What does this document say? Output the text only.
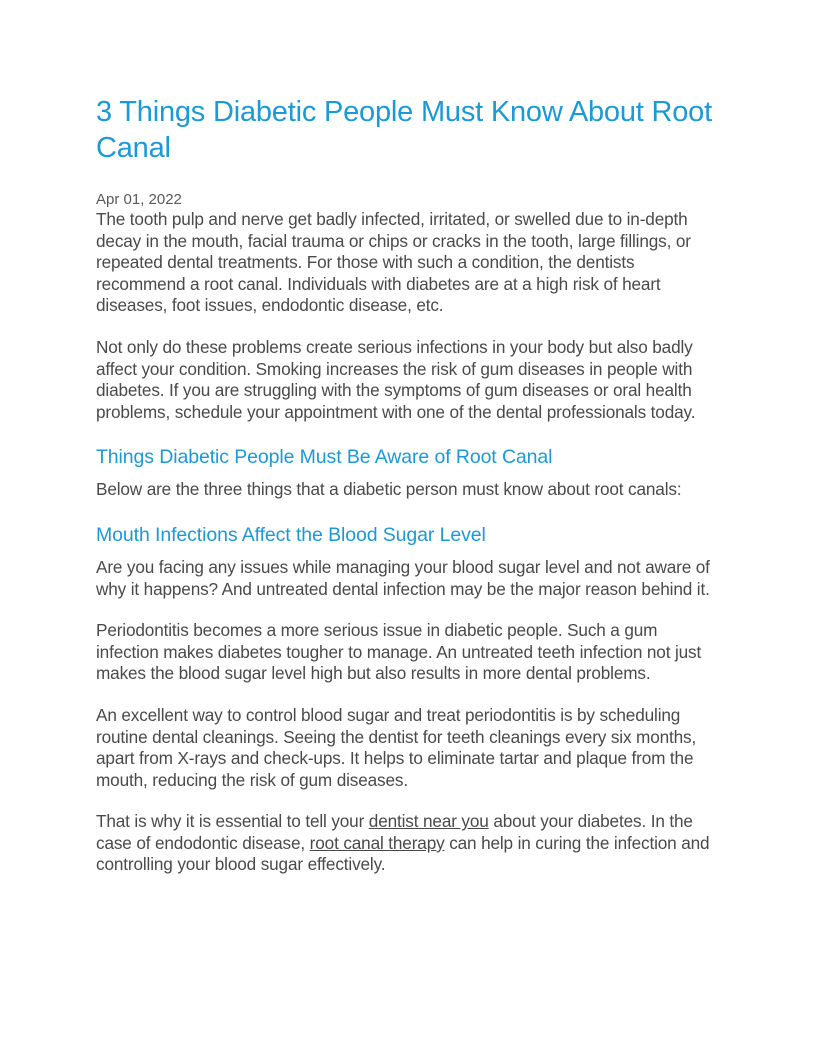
3 Things Diabetic People Must Know About Root Canal
Apr 01, 2022

The tooth pulp and nerve get badly infected, irritated, or swelled due to in-depth decay in the mouth, facial trauma or chips or cracks in the tooth, large fillings, or repeated dental treatments. For those with such a condition, the dentists recommend a root canal. Individuals with diabetes are at a high risk of heart diseases, foot issues, endodontic disease, etc.

Not only do these problems create serious infections in your body but also badly affect your condition. Smoking increases the risk of gum diseases in people with diabetes. If you are struggling with the symptoms of gum diseases or oral health problems, schedule your appointment with one of the dental professionals today.

Things Diabetic People Must Be Aware of Root Canal

Below are the three things that a diabetic person must know about root canals:

Mouth Infections Affect the Blood Sugar Level

Are you facing any issues while managing your blood sugar level and not aware of why it happens? And untreated dental infection may be the major reason behind it.

Periodontitis becomes a more serious issue in diabetic people. Such a gum infection makes diabetes tougher to manage. An untreated teeth infection not just makes the blood sugar level high but also results in more dental problems.

An excellent way to control blood sugar and treat periodontitis is by scheduling routine dental cleanings. Seeing the dentist for teeth cleanings every six months, apart from X-rays and check-ups. It helps to eliminate tartar and plaque from the mouth, reducing the risk of gum diseases.

That is why it is essential to tell your dentist near you about your diabetes. In the case of endodontic disease, root canal therapy can help in curing the infection and controlling your blood sugar effectively.
